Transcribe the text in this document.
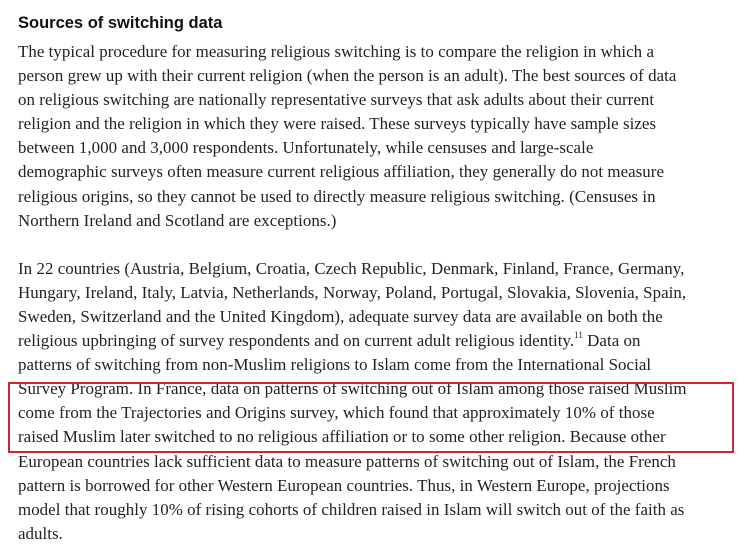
Sources of switching data

The typical procedure for measuring religious switching is to compare the religion in which a
person grew up with their current religion (when the person is an adult). The best sources of data
on religious switching are nationally representative surveys that ask adults about their current
religion and the religion in which they were raised. These surveys typically have sample sizes
between 1,000 and 3,000 respondents. Unfortunately, while censuses and large-scale
demographic surveys often measure current religious affiliation, they generally do not measure
religious origins, so they cannot be used to directly measure religious switching. (Censuses in
Northern Ireland and Scotland are exceptions.)

In 22 countries (Austria, Belgium, Croatia, Czech Republic, Denmark, Finland, France, Germany,
Hungary, Ireland, Italy, Latvia, Netherlands, Norway, Poland, Portugal, Slovakia, Slovenia, Spain,
Sweden, Switzerland and the United Kingdom), adequate survey data are available on both the
religious upbringing of survey respondents and on current adult religious identity.$^{11}$ Data on
patterns of switching from non-Muslim religions to Islam come from the International Social
Survey Program. In France, data on patterns of switching out of Islam among those raised Muslim
come from the Trajectories and Origins survey, which found that approximately 10% of those
raised Muslim later switched to no religious affiliation or to some other religion. Because other
European countries lack sufficient data to measure patterns of switching out of Islam, the French
pattern is borrowed for other Western European countries. Thus, in Western Europe, projections
model that roughly 10% of rising cohorts of children raised in Islam will switch out of the faith as
adults.
